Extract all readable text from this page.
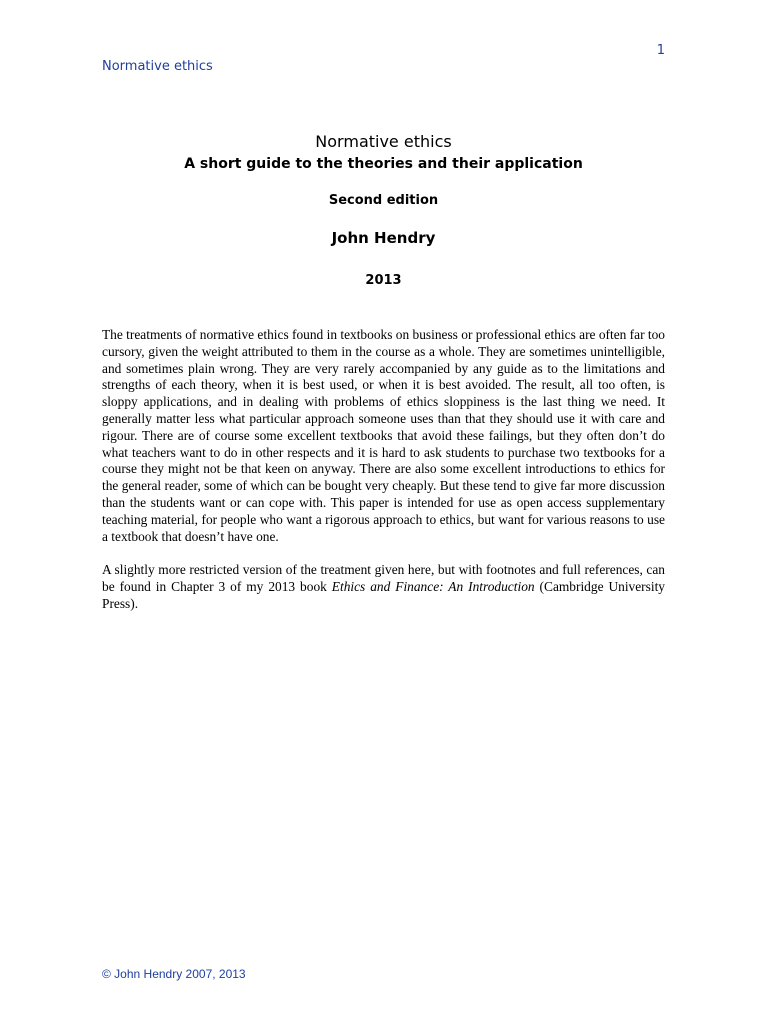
1
Normative ethics
Normative ethics
A short guide to the theories and their application
Second edition
John Hendry
2013

The treatments of normative ethics found in textbooks on business or professional ethics are often far too cursory, given the weight attributed to them in the course as a whole. They are sometimes unintelligible, and sometimes plain wrong. They are very rarely accompanied by any guide as to the limitations and strengths of each theory, when it is best used, or when it is best avoided. The result, all too often, is sloppy applications, and in dealing with problems of ethics sloppiness is the last thing we need. It generally matter less what particular approach someone uses than that they should use it with care and rigour. There are of course some excellent textbooks that avoid these failings, but they often don’t do what teachers want to do in other respects and it is hard to ask students to purchase two textbooks for a course they might not be that keen on anyway. There are also some excellent introductions to ethics for the general reader, some of which can be bought very cheaply. But these tend to give far more discussion than the students want or can cope with. This paper is intended for use as open access supplementary teaching material, for people who want a rigorous approach to ethics, but want for various reasons to use a textbook that doesn’t have one.

A slightly more restricted version of the treatment given here, but with footnotes and full references, can be found in Chapter 3 of my 2013 book Ethics and Finance: An Introduction (Cambridge University Press).

© John Hendry 2007, 2013
